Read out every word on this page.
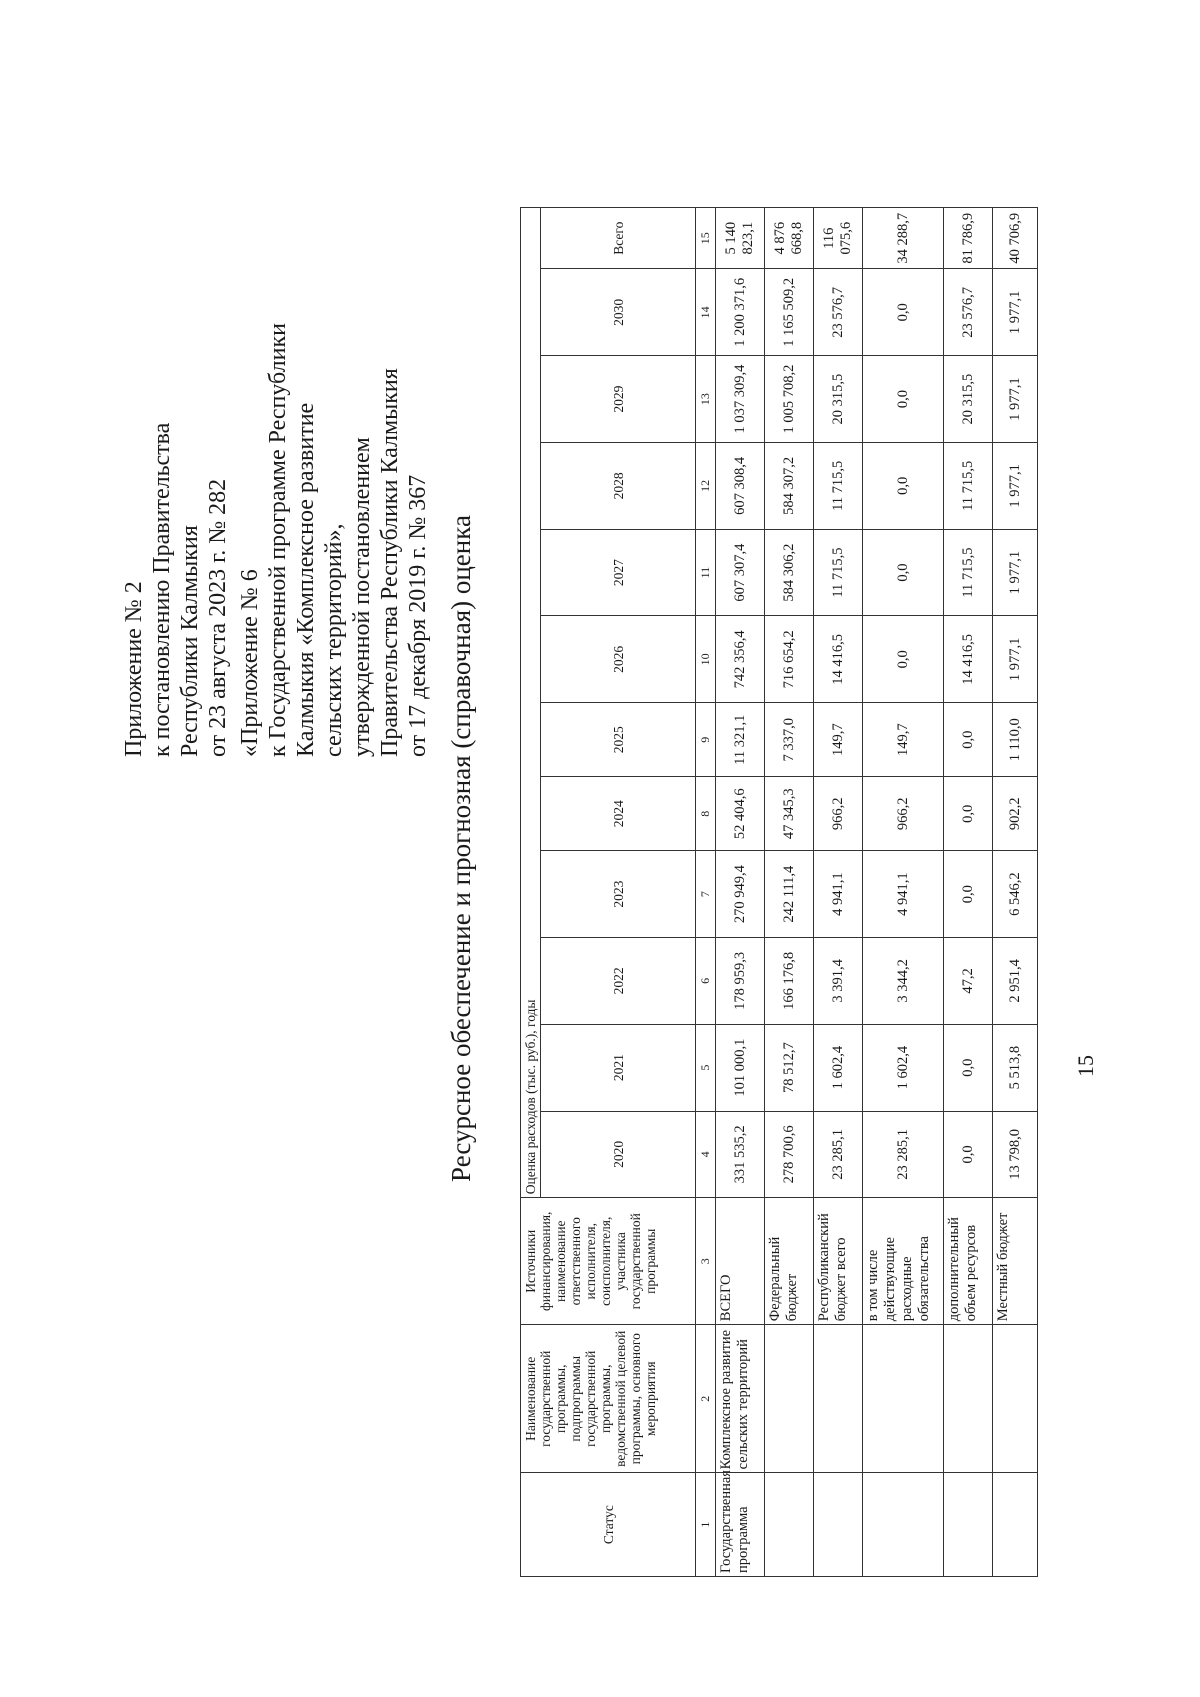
Приложение № 2 к постановлению Правительства Республики Калмыкия от 23 августа 2023 г. № 282 «Приложение № 6 к Государственной программе Республики Калмыкия «Комплексное развитие сельских территорий», утвержденной постановлением Правительства Республики Калмыкия от 17 декабря 2019 г. № 367 Ресурсное обеспечение и прогнозная (справочная) оценка
Статус	Наименование государственной программы, подпрограммы государственной программы, ведомственной целевой программы, основного мероприятия	Источники финансирования, наименование ответственного исполнителя, соисполнителя, участника государственной программы	Оценка расходов (тыс. руб.), годы											
			2020	2021	2022	2023	2024	2025	2026	2027	2028	2029	2030	Всего
1	2	3	4	5	6	7	8	9	10	11	12	13	14	15
Государственная программа	Комплексное развитие сельских территорий	ВСЕГО	331 535,2	101 000,1	178 959,3	270 949,4	52 404,6	11 321,1	742 356,4	607 307,4	607 308,4	1 037 309,4	1 200 371,6	5 140 823,1
		Федеральный бюджет	278 700,6	78 512,7	166 176,8	242 111,4	47 345,3	7 337,0	716 654,2	584 306,2	584 307,2	1 005 708,2	1 165 509,2	4 876 668,8
		Республиканский бюджет всего	23 285,1	1 602,4	3 391,4	4 941,1	966,2	149,7	14 416,5	11 715,5	11 715,5	20 315,5	23 576,7	116 075,6
		в том числе действующие расходные обязательства	23 285,1	1 602,4	3 344,2	4 941,1	966,2	149,7	0,0	0,0	0,0	0,0	0,0	34 288,7
		дополнительный объем ресурсов	0,0	0,0	47,2	0,0	0,0	0,0	14 416,5	11 715,5	11 715,5	20 315,5	23 576,7	81 786,9
		Местный бюджет	13 798,0	5 513,8	2 951,4	6 546,2	902,2	1 110,0	1 977,1	1 977,1	1 977,1	1 977,1	1 977,1	40 706,9
15
